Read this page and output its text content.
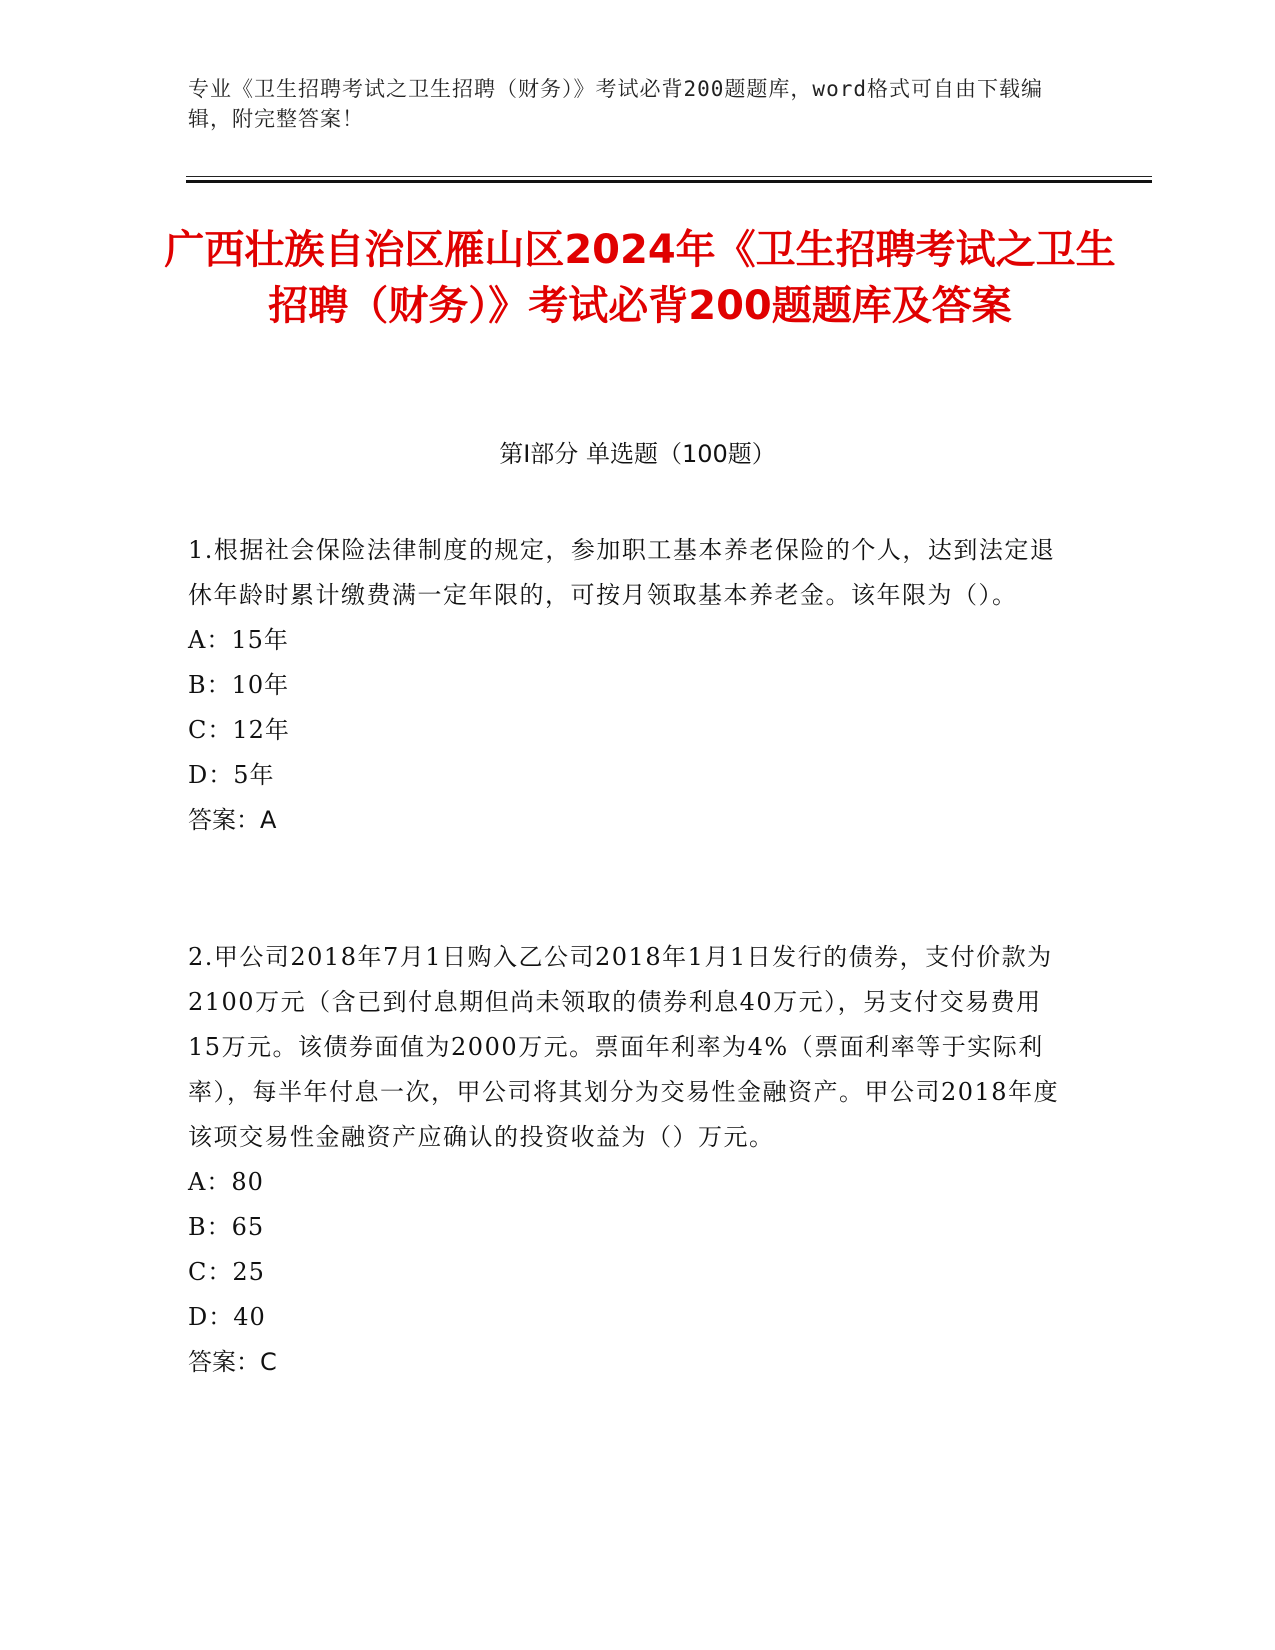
专业《卫生招聘考试之卫生招聘（财务）》考试必背200题题库，word格式可自由下载编辑，附完整答案！
广西壮族自治区雁山区2024年《卫生招聘考试之卫生招聘（财务）》考试必背200题题库及答案
第Ⅰ部分 单选题（100题）

1.根据社会保险法律制度的规定，参加职工基本养老保险的个人，达到法定退休年龄时累计缴费满一定年限的，可按月领取基本养老金。该年限为（）。

A：15年

B：10年

C：12年

D：5年

答案：A

2.甲公司2018年7月1日购入乙公司2018年1月1日发行的债券，支付价款为2100万元（含已到付息期但尚未领取的债券利息40万元），另支付交易费用15万元。该债券面值为2000万元。票面年利率为4%（票面利率等于实际利率），每半年付息一次，甲公司将其划分为交易性金融资产。甲公司2018年度该项交易性金融资产应确认的投资收益为（）万元。

A：80

B：65

C：25

D：40

答案：C
